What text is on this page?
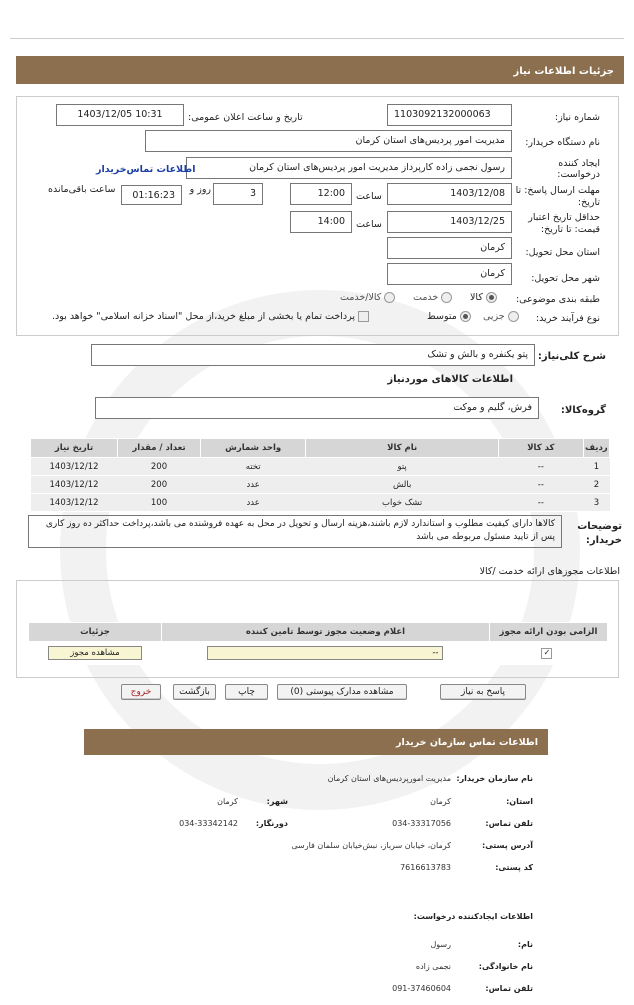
جزئیات اطلاعات نیاز
شماره نیاز:
1103092132000063
تاریخ و ساعت اعلان عمومی:
1403/12/05 10:31
نام دستگاه خریدار:
مدیریت امور پردیس‌های استان کرمان
ایجاد کننده درخواست:
رسول نجمی زاده کارپرداز مدیریت امور پردیس‌های استان کرمان
اطلاعات تماس‌خریدار
مهلت ارسال پاسخ: تا تاریخ:
1403/12/08
ساعت
12:00
روز و	3
01:16:23
ساعت باقی‌مانده
حداقل تاریخ اعتبار قیمت: تا تاریخ:
1403/12/25
ساعت
14:00
استان محل تحویل:
کرمان
شهر محل تحویل:
کرمان
طبقه بندی موضوعی:
کالا
خدمت
کالا/خدمت
نوع فرآیند خرید:
جزیی
متوسط
پرداخت تمام یا بخشی از مبلغ خرید،از محل "اسناد خزانه اسلامی" خواهد بود.
شرح کلی‌نیاز:
پتو یکنفره و بالش و تشک
اطلاعات کالاهای موردنیاز
گروه‌کالا:
فرش، گلیم و موکت
ردیف	کد کالا	نام کالا	واحد شمارش	تعداد / مقدار	تاریخ نیاز
1	--	پتو	تخته	200	1403/12/12
2	--	بالش	عدد	200	1403/12/12
3	--	تشک خواب	عدد	100	1403/12/12
توضیحات خریدار:
کالاها دارای کیفیت مطلوب و استاندارد لازم باشند،هزینه ارسال و تحویل در محل به عهده فروشنده می باشد،پرداخت حداکثر ده روز کاری پس از تایید مسئول مربوطه می باشد
اطلاعات مجوزهای ارائه خدمت /کالا
الزامی بودن ارائه مجوز	اعلام وضعیت مجوز توسط تامین کننده	جزئیات
✓	--	مشاهده مجوز
پاسخ به نیاز
مشاهده مدارک پیوستی (0)
چاپ
بازگشت
خروج
اطلاعات تماس سازمان خریدار
نام سازمان خریدار:
مدیریت امورپردیس‌های استان کرمان
استان:
کرمان
شهر:
کرمان
تلفن تماس:
034-33317056
دورنگار:
034-33342142
آدرس پستی:
کرمان، خیابان سرباز، نبش‌خیابان سلمان فارسی
کد پستی:
7616613783
اطلاعات ایجادکننده درخواست:
نام:
رسول
نام خانوادگی:
نجمی زاده
تلفن تماس:
091-37460604
